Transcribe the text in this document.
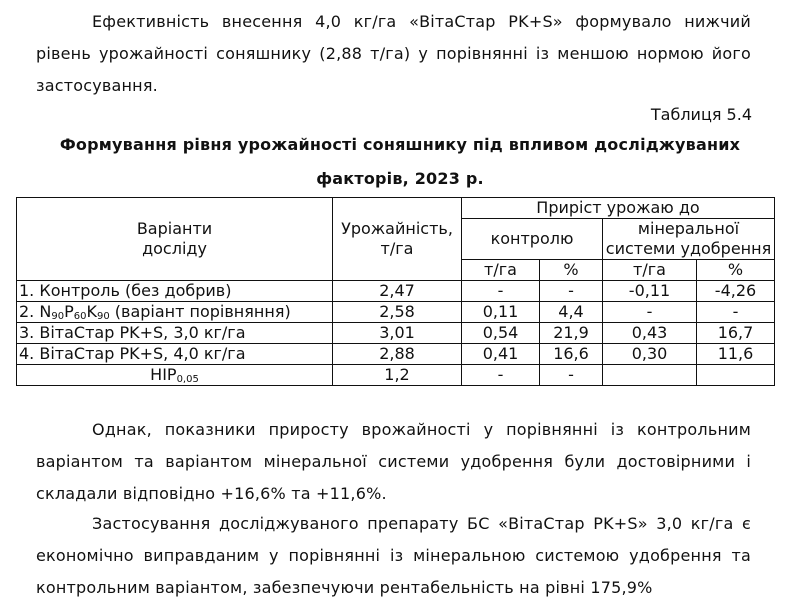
Ефективність внесення 4,0 кг/га «ВітаСтар PK+S» формувало нижчий рівень урожайності соняшнику (2,88 т/га) у порівнянні із меншою нормою його застосування.

Таблиця 5.4
Формування рівня урожайності соняшнику під впливом досліджуваних факторів, 2023 р.
Варіанти досліду	Урожайність, т/га	Приріст урожаю до			
		контролю		мінеральної системи удобрення	

		т/га	%	т/га	%
1. Контроль (без добрив)	2,47	-	-	-0,11	-4,26
2. $N_{90}P_{60}K_{90}$ (варіант порівняння)	2,58	0,11	4,4	-	-
3. ВітаСтар PK+S, 3,0 кг/га	3,01	0,54	21,9	0,43	16,7
4. ВітаСтар PK+S, 4,0 кг/га	2,88	0,41	16,6	0,30	11,6
$НІР_{0,05}$	1,2	-	-		

Однак, показники приросту врожайності у порівнянні із контрольним варіантом та варіантом мінеральної системи удобрення були достовірними і складали відповідно +16,6% та +11,6%.

Застосування досліджуваного препарату БС «ВітаСтар PK+S» 3,0 кг/га є економічно виправданим у порівнянні із мінеральною системою удобрення та контрольним варіантом, забезпечуючи рентабельність на рівні 175,9%
